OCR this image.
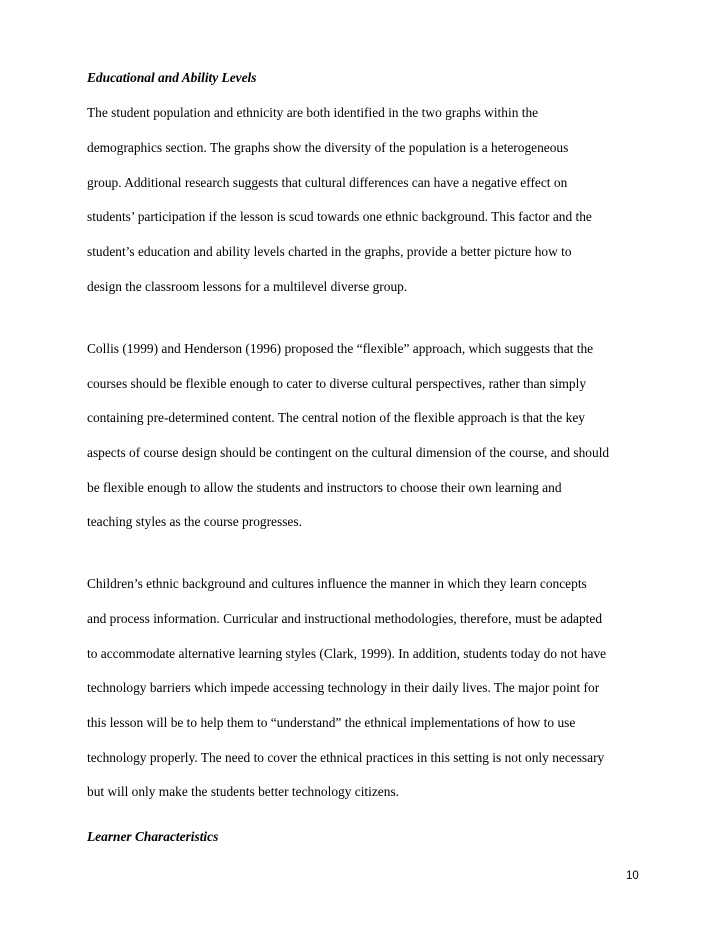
Educational and Ability Levels
The student population and ethnicity are both identified in the two graphs within the
demographics section. The graphs show the diversity of the population is a heterogeneous
group. Additional research suggests that cultural differences can have a negative effect on
students’ participation if the lesson is scud towards one ethnic background. This factor and the
student’s education and ability levels charted in the graphs, provide a better picture how to
design the classroom lessons for a multilevel diverse group.
Collis (1999) and Henderson (1996) proposed the “flexible” approach, which suggests that the
courses should be flexible enough to cater to diverse cultural perspectives, rather than simply
containing pre-determined content. The central notion of the flexible approach is that the key
aspects of course design should be contingent on the cultural dimension of the course, and should
be flexible enough to allow the students and instructors to choose their own learning and
teaching styles as the course progresses.
Children’s ethnic background and cultures influence the manner in which they learn concepts
and process information. Curricular and instructional methodologies, therefore, must be adapted
to accommodate alternative learning styles (Clark, 1999). In addition, students today do not have
technology barriers which impede accessing technology in their daily lives. The major point for
this lesson will be to help them to “understand” the ethnical implementations of how to use
technology properly. The need to cover the ethnical practices in this setting is not only necessary
but will only make the students better technology citizens.
Learner Characteristics
10
